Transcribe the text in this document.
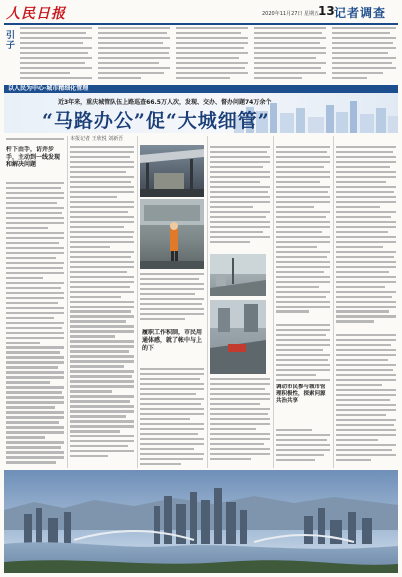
人民日报	2020年11月27日 星期五
13 记者调查
引子
以人民为中心·城市精细化管理
近3年来，重庆城管队伍上路巡查66.5万人次，发现、交办、督办问题74万余个
“马路办公”促“大城细管”
杆下由手，访并步手，主动到一线发现和解决问题
本报记者 王欣悦 刘新吾
履职工作积制，市民用通体感，就了帐中与上的下
调动市民参与城市管理积极性，探索问源共治共享
